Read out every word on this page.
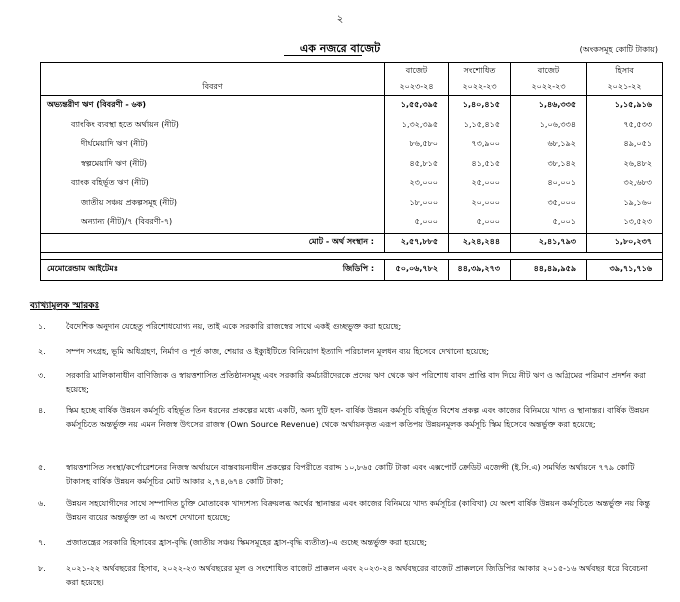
২
এক নজরে বাজেট	(অংকসমূহ কোটি টাকায়)
		বাজেট	সংশোধিত	বাজেট	হিসাব
বিবরণ		২০২৩-২৪	২০২২-২৩	২০২২-২৩	২০২১-২২
অভ্যন্তরীণ ঋণ (বিবরণী - ৬ক)		১,৫৫,৩৯৫	১,৪০,৪১৫	১,৪৬,৩৩৫	১,১৫,৯১৬
ব্যাংকিং ব্যবস্থা হতে অর্থায়ন (নীট)		১,৩২,৩৯৫	১,১৫,৪১৫	১,০৬,৩৩৪	৭৫,৫৩৩
দীর্ঘমেয়াদি ঋণ (নীট)		৮৬,৫৮০	৭৩,৯০০	৬৮,১৯২	৪৯,০৫১
স্বল্পমেয়াদি ঋণ (নীট)		৪৫,৮১৫	৪১,৫১৫	৩৮,১৪২	২৬,৪৮২
ব্যাংক বহির্ভূত ঋণ (নীট)		২৩,০০০	২৫,০০০	৪০,০০১	৩২,৬৮৩
জাতীয় সঞ্চয় প্রকল্পসমূহ (নীট)		১৮,০০০	২০,০০০	৩৫,০০০	১৯,১৬০
অন্যান্য (নীট)/৭ (বিবরণী-৭)		৫,০০০	৫,০০০	৫,০০১	১৩,৫২৩
মোট - অর্থ সংস্থান :		২,৫৭,৮৮৫	২,২৪,২৪৪	২,৪১,৭৯৩	১,৮০,২৩৭

মেমোরেন্ডাম আইটেমঃ	জিডিপি :	৫০,০৬,৭৮২	৪৪,৩৯,২৭৩	৪৪,৪৯,৯৫৯	৩৯,৭১,৭১৬
ব্যাখ্যামূলক স্মারকঃ
১.	বৈদেশিক অনুদান যেহেতু পরিশোধযোগ্য নয়, তাই একে সরকারি রাজস্বের সাথে একই গুচ্ছভুক্ত করা হয়েছে;
২.	সম্পদ সংগ্রহ, ভূমি অধিগ্রহণ, নির্মাণ ও পূর্ত কাজ, শেয়ার ও ইক্যুইটিতে বিনিয়োগ ইত্যাদি পরিচালন মূলধন ব্যয় হিসেবে দেখানো হয়েছে;
৩.	সরকারি মালিকানাধীন বাণিজ্যিক ও স্বায়ত্তশাসিত প্রতিষ্ঠানসমূহ এবং সরকারি কর্মচারীদেরকে প্রদেয় ঋণ থেকে ঋণ পরিশোধ বাবদ প্রাপ্তি বাদ দিয়ে নীট ঋণ ও অগ্রিমের পরিমাণ প্রদর্শন করা হয়েছে;
৪.	স্কিম হচ্ছে বার্ষিক উন্নয়ন কর্মসূচি বহির্ভূত তিন ধরনের প্রকল্পের মধ্যে একটি, অন্য দুটি হল- বার্ষিক উন্নয়ন কর্মসূচি বহির্ভূত বিশেষ প্রকল্প এবং কাজের বিনিময়ে খাদ্য ও স্থানান্তর। বার্ষিক উন্নয়ন কর্মসূচিতে অন্তর্ভুক্ত নয় এমন নিজস্ব উৎসের রাজস্ব (Own Source Revenue) থেকে অর্থায়নকৃত এরূপ কতিপয় উন্নয়নমূলক কর্মসূচি স্কিম হিসেবে অন্তর্ভুক্ত করা হয়েছে;
৫.	স্বায়ত্তশাসিত সংস্থা/কর্পোরেশনের নিজস্ব অর্থায়নে বাস্তবায়নাধীন প্রকল্পের বিপরীতে বরাদ্দ ১০,৮৬৫ কোটি টাকা এবং এক্সপোর্ট ক্রেডিট এজেন্সী (ই.সি.এ) সমর্থিত অর্থায়নে ৭৭৯ কোটি টাকাসহ বার্ষিক উন্নয়ন কর্মসূচির মোট আকার ২,৭৪,৬৭৪ কোটি টাকা;
৬.	উন্নয়ন সহযোগীদের সাথে সম্পাদিত চুক্তি মোতাবেক খাদ্যশস্য বিক্রয়লব্ধ অর্থের স্থানান্তর এবং কাজের বিনিময়ে খাদ্য কর্মসূচির (কাবিখা) যে অংশ বার্ষিক উন্নয়ন কর্মসূচিতে অন্তর্ভুক্ত নয় কিন্তু উন্নয়ন ব্যয়ের অন্তর্ভুক্ত তা এ অংশে দেখানো হয়েছে;
৭.	প্রজাতন্ত্রের সরকারি হিসাবের হ্রাস-বৃদ্ধি (জাতীয় সঞ্চয় স্কিমসমূহের হ্রাস-বৃদ্ধি ব্যতীত)-এ গুচ্ছে অন্তর্ভুক্ত করা হয়েছে;
৮.	২০২১-২২ অর্থবছরের হিসাব, ২০২২-২৩ অর্থবছরের মূল ও সংশোধিত বাজেট প্রাক্কলন এবং ২০২৩-২৪ অর্থবছরের বাজেট প্রাক্কলনে জিডিপির আকার ২০১৫-১৬ অর্থবছর ধরে বিবেচনা করা হয়েছে।
